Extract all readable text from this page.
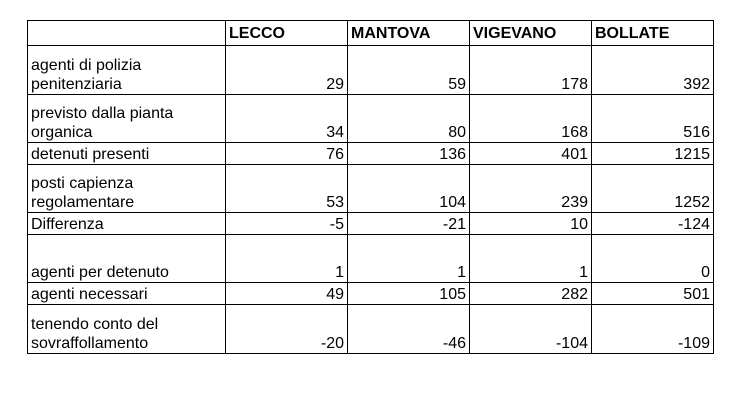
	LECCO	MANTOVA	VIGEVANO	BOLLATE
agenti di polizia penitenziaria	29	59	178	392
previsto dalla pianta organica	34	80	168	516
detenuti presenti	76	136	401	1215
posti capienza regolamentare	53	104	239	1252
Differenza	-5	-21	10	-124
agenti per detenuto	1	1	1	0
agenti necessari	49	105	282	501
tenendo conto del sovraffollamento	-20	-46	-104	-109
